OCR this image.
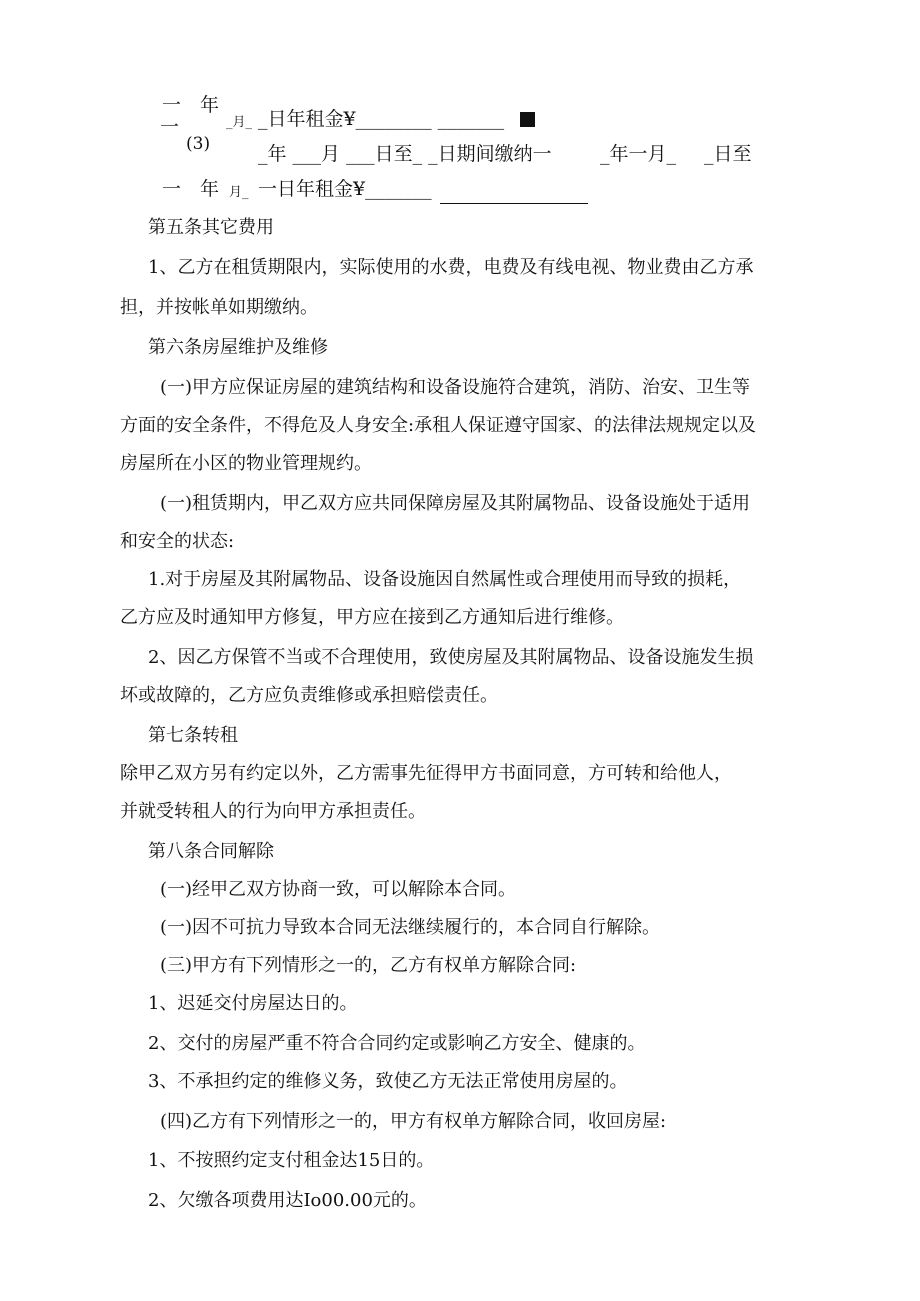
一 年
一	_月_ _日年租金¥________ _______
(3)	_年 ___月 ___日至_ _日期间缴纳一	_年一月_ _日至
一 年 月_ 一日年租金¥_______
第五条其它费用
1、乙方在租赁期限内，实际使用的水费，电费及有线电视、物业费由乙方承
担，并按帐单如期缴纳。
第六条房屋维护及维修
(一)甲方应保证房屋的建筑结构和设备设施符合建筑，消防、治安、卫生等
方面的安全条件，不得危及人身安全:承租人保证遵守国家、的法律法规规定以及
房屋所在小区的物业管理规约。
(一)租赁期内，甲乙双方应共同保障房屋及其附属物品、设备设施处于适用
和安全的状态:
1.对于房屋及其附属物品、设备设施因自然属性或合理使用而导致的损耗，
乙方应及时通知甲方修复，甲方应在接到乙方通知后进行维修。
2、因乙方保管不当或不合理使用，致使房屋及其附属物品、设备设施发生损
坏或故障的，乙方应负责维修或承担赔偿责任。
第七条转租
除甲乙双方另有约定以外，乙方需事先征得甲方书面同意，方可转和给他人，
并就受转租人的行为向甲方承担责任。
第八条合同解除
(一)经甲乙双方协商一致，可以解除本合同。
(一)因不可抗力导致本合同无法继续履行的，本合同自行解除。
(三)甲方有下列情形之一的，乙方有权单方解除合同:
1、迟延交付房屋达日的。
2、交付的房屋严重不符合合同约定或影响乙方安全、健康的。
3、不承担约定的维修义务，致使乙方无法正常使用房屋的。
(四)乙方有下列情形之一的，甲方有权单方解除合同，收回房屋:
1、不按照约定支付租金达15日的。
2、欠缴各项费用达Io00.00元的。
